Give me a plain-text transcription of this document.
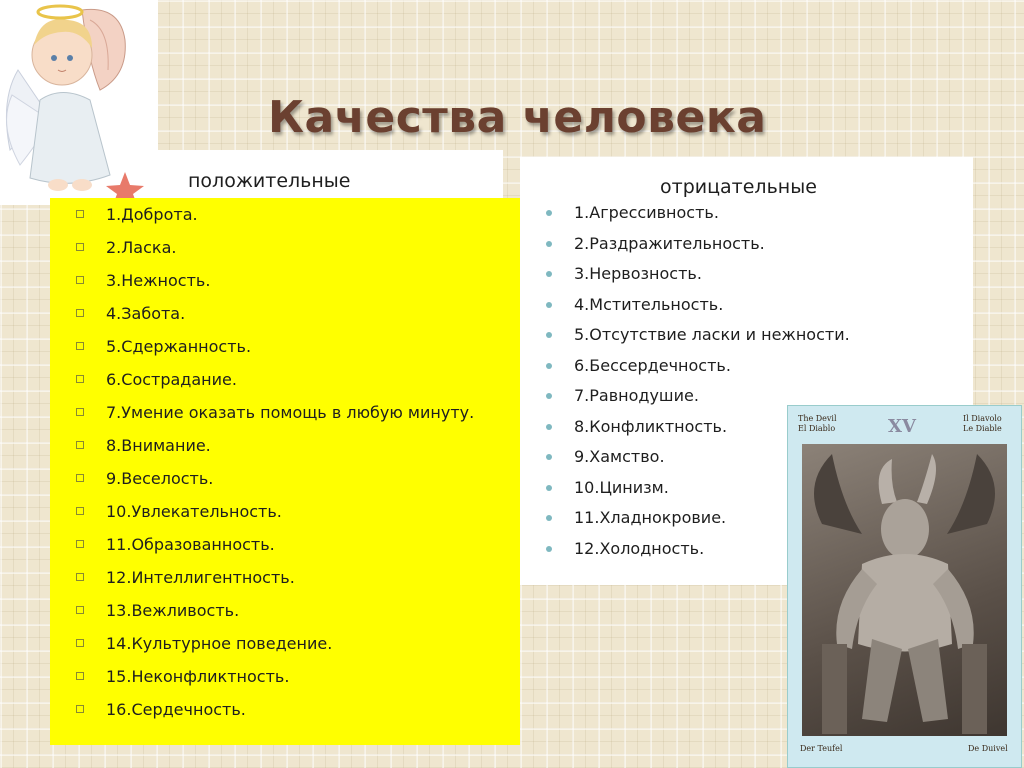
Качества человека
положительные
1.Доброта.
2.Ласка.
3.Нежность.
4.Забота.
5.Сдержанность.
6.Сострадание.
7.Умение оказать помощь в любую минуту.
8.Внимание.
9.Веселость.
10.Увлекательность.
11.Образованность.
12.Интеллигентность.
13.Вежливость.
14.Культурное поведение.
15.Неконфликтность.
16.Сердечность.
отрицательные
1.Агрессивность.
2.Раздражительность.
3.Нервозность.
4.Мстительность.
5.Отсутствие ласки и нежности.
6.Бессердечность.
7.Равнодушие.
8.Конфликтность.
9.Хамство.
10.Цинизм.
11.Хладнокровие.
12.Холодность.
The Devil
El Diablo	XV	Il Diavolo
Le Diable
Der Teufel	De Duivel
